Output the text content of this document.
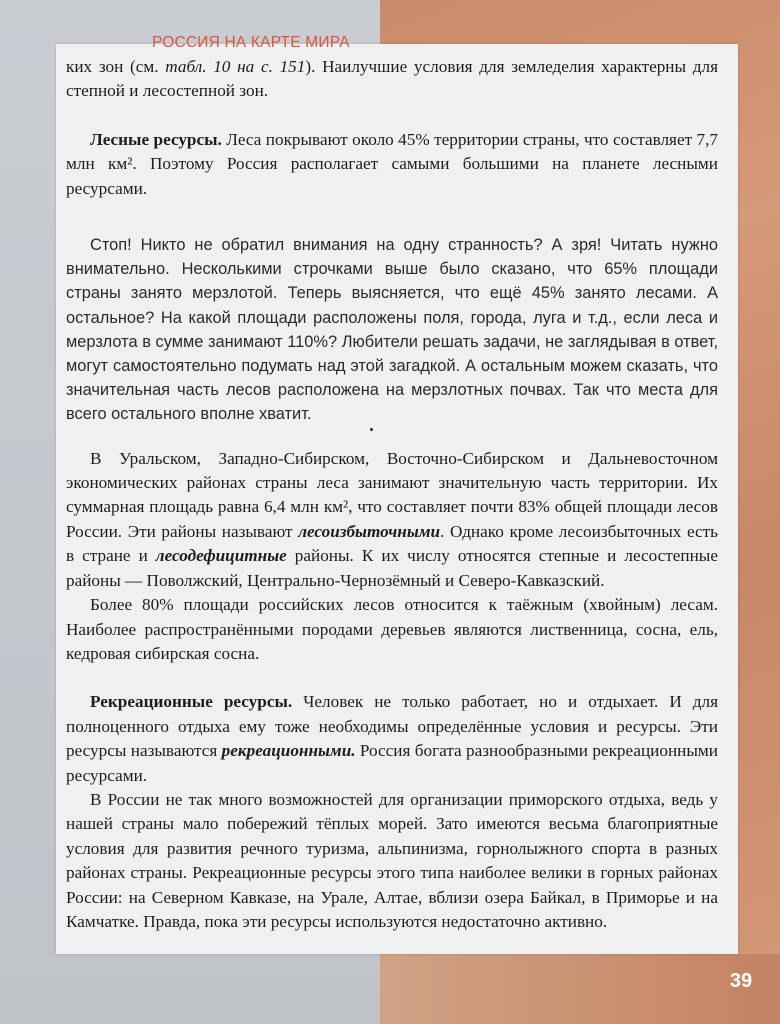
РОССИЯ НА КАРТЕ МИРА

ких зон (см. табл. 10 на с. 151). Наилучшие условия для земледелия характерны для степной и лесостепной зон.

Лесные ресурсы. Леса покрывают около 45% территории страны, что составляет 7,7 млн км². Поэтому Россия располагает самыми большими на планете лесными ресурсами.

Стоп! Никто не обратил внимания на одну странность? А зря! Читать нужно внимательно. Несколькими строчками выше было сказано, что 65% площади страны занято мерзлотой. Теперь выясняется, что ещё 45% занято лесами. А остальное? На какой площади расположены поля, города, луга и т.д., если леса и мерзлота в сумме занимают 110%? Любители решать задачи, не заглядывая в ответ, могут самостоятельно подумать над этой загадкой. А остальным можем сказать, что значительная часть лесов расположена на мерзлотных почвах. Так что места для всего остального вполне хватит.

В Уральском, Западно-Сибирском, Восточно-Сибирском и Дальневосточном экономических районах страны леса занимают значительную часть территории. Их суммарная площадь равна 6,4 млн км², что составляет почти 83% общей площади лесов России. Эти районы называют лесоизбыточными. Однако кроме лесоизбыточных есть в стране и лесодефицитные районы. К их числу относятся степные и лесостепные районы — Поволжский, Центрально-Чернозёмный и Северо-Кавказский.

Более 80% площади российских лесов относится к таёжным (хвойным) лесам. Наиболее распространёнными породами деревьев являются лиственница, сосна, ель, кедровая сибирская сосна.

Рекреационные ресурсы. Человек не только работает, но и отдыхает. И для полноценного отдыха ему тоже необходимы определённые условия и ресурсы. Эти ресурсы называются рекреационными. Россия богата разнообразными рекреационными ресурсами.

В России не так много возможностей для организации приморского отдыха, ведь у нашей страны мало побережий тёплых морей. Зато имеются весьма благоприятные условия для развития речного туризма, альпинизма, горнолыжного спорта в разных районах страны. Рекреационные ресурсы этого типа наиболее велики в горных районах России: на Северном Кавказе, на Урале, Алтае, вблизи озера Байкал, в Приморье и на Камчатке. Правда, пока эти ресурсы используются недостаточно активно.

39
